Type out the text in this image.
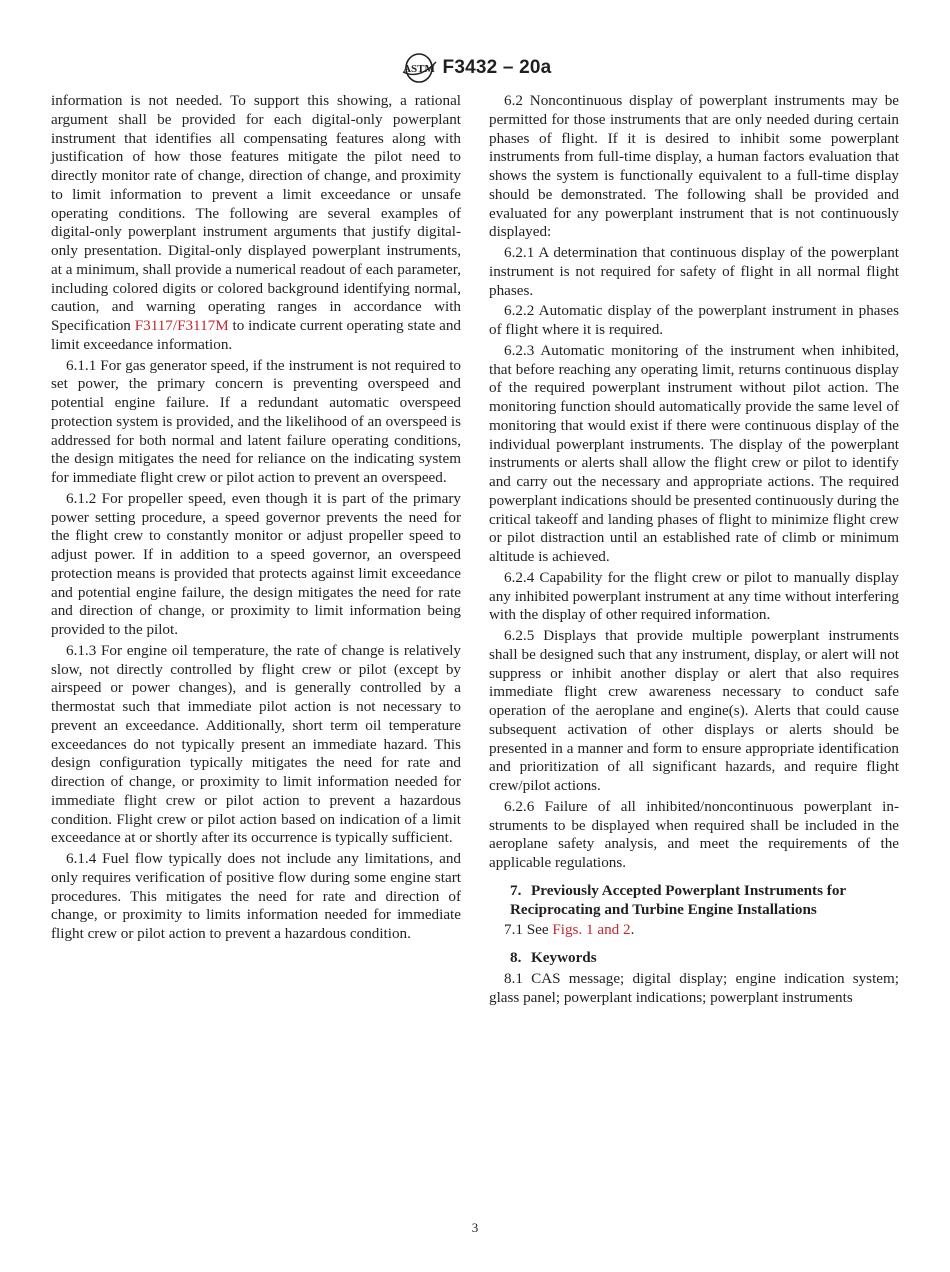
ASTM F3432 – 20a

information is not needed. To support this showing, a rational argument shall be provided for each digital-only powerplant instrument that identifies all compensating features along with justification of how those features mitigate the pilot need to directly monitor rate of change, direction of change, and proximity to limit information to prevent a limit exceedance or unsafe operating conditions. The following are several examples of digital-only powerplant instrument arguments that justify digital-only presentation. Digital-only displayed powerplant instruments, at a minimum, shall provide a numerical readout of each parameter, including colored digits or colored background identifying normal, caution, and warning operating ranges in accordance with Specification F3117/F3117M to indicate current operating state and limit exceedance information.

6.1.1 For gas generator speed, if the instrument is not required to set power, the primary concern is preventing overspeed and potential engine failure. If a redundant automatic overspeed protection system is provided, and the likelihood of an overspeed is addressed for both normal and latent failure operating conditions, the design mitigates the need for reliance on the indicating system for immediate flight crew or pilot action to prevent an overspeed.

6.1.2 For propeller speed, even though it is part of the primary power setting procedure, a speed governor prevents the need for the flight crew to constantly monitor or adjust propeller speed to adjust power. If in addition to a speed governor, an overspeed protection means is provided that protects against limit exceedance and potential engine failure, the design mitigates the need for rate and direction of change, or proximity to limit information being provided to the pilot.

6.1.3 For engine oil temperature, the rate of change is relatively slow, not directly controlled by flight crew or pilot (except by airspeed or power changes), and is generally controlled by a thermostat such that immediate pilot action is not necessary to prevent an exceedance. Additionally, short term oil temperature exceedances do not typically present an immediate hazard. This design configuration typically mitigates the need for rate and direction of change, or proximity to limit information needed for immediate flight crew or pilot action to prevent a hazardous condition. Flight crew or pilot action based on indication of a limit exceedance at or shortly after its occurrence is typically sufficient.

6.1.4 Fuel flow typically does not include any limitations, and only requires verification of positive flow during some engine start procedures. This mitigates the need for rate and direction of change, or proximity to limits information needed for immediate flight crew or pilot action to prevent a hazardous condition.

6.2 Noncontinuous display of powerplant instruments may be permitted for those instruments that are only needed during certain phases of flight. If it is desired to inhibit some powerplant instruments from full-time display, a human factors evaluation that shows the system is functionally equivalent to a full-time display should be demonstrated. The following shall be provided and evaluated for any powerplant instrument that is not continuously displayed:

6.2.1 A determination that continuous display of the powerplant instrument is not required for safety of flight in all normal flight phases.

6.2.2 Automatic display of the powerplant instrument in phases of flight where it is required.

6.2.3 Automatic monitoring of the instrument when inhibited, that before reaching any operating limit, returns continuous display of the required powerplant instrument without pilot action. The monitoring function should automatically provide the same level of monitoring that would exist if there were continuous display of the individual powerplant instruments. The display of the powerplant instruments or alerts shall allow the flight crew or pilot to identify and carry out the necessary and appropriate actions. The required powerplant indications should be presented continuously during the critical takeoff and landing phases of flight to minimize flight crew or pilot distraction until an established rate of climb or minimum altitude is achieved.

6.2.4 Capability for the flight crew or pilot to manually display any inhibited powerplant instrument at any time without interfering with the display of other required information.

6.2.5 Displays that provide multiple powerplant instruments shall be designed such that any instrument, display, or alert will not suppress or inhibit another display or alert that also requires immediate flight crew awareness necessary to conduct safe operation of the aeroplane and engine(s). Alerts that could cause subsequent activation of other displays or alerts should be presented in a manner and form to ensure appropriate identification and prioritization of all significant hazards, and require flight crew/pilot actions.

6.2.6 Failure of all inhibited/noncontinuous powerplant instruments to be displayed when required shall be included in the aeroplane safety analysis, and meet the requirements of the applicable regulations.

7. Previously Accepted Powerplant Instruments for Reciprocating and Turbine Engine Installations

7.1 See Figs. 1 and 2.

8. Keywords

8.1 CAS message; digital display; engine indication system; glass panel; powerplant indications; powerplant instruments

3
